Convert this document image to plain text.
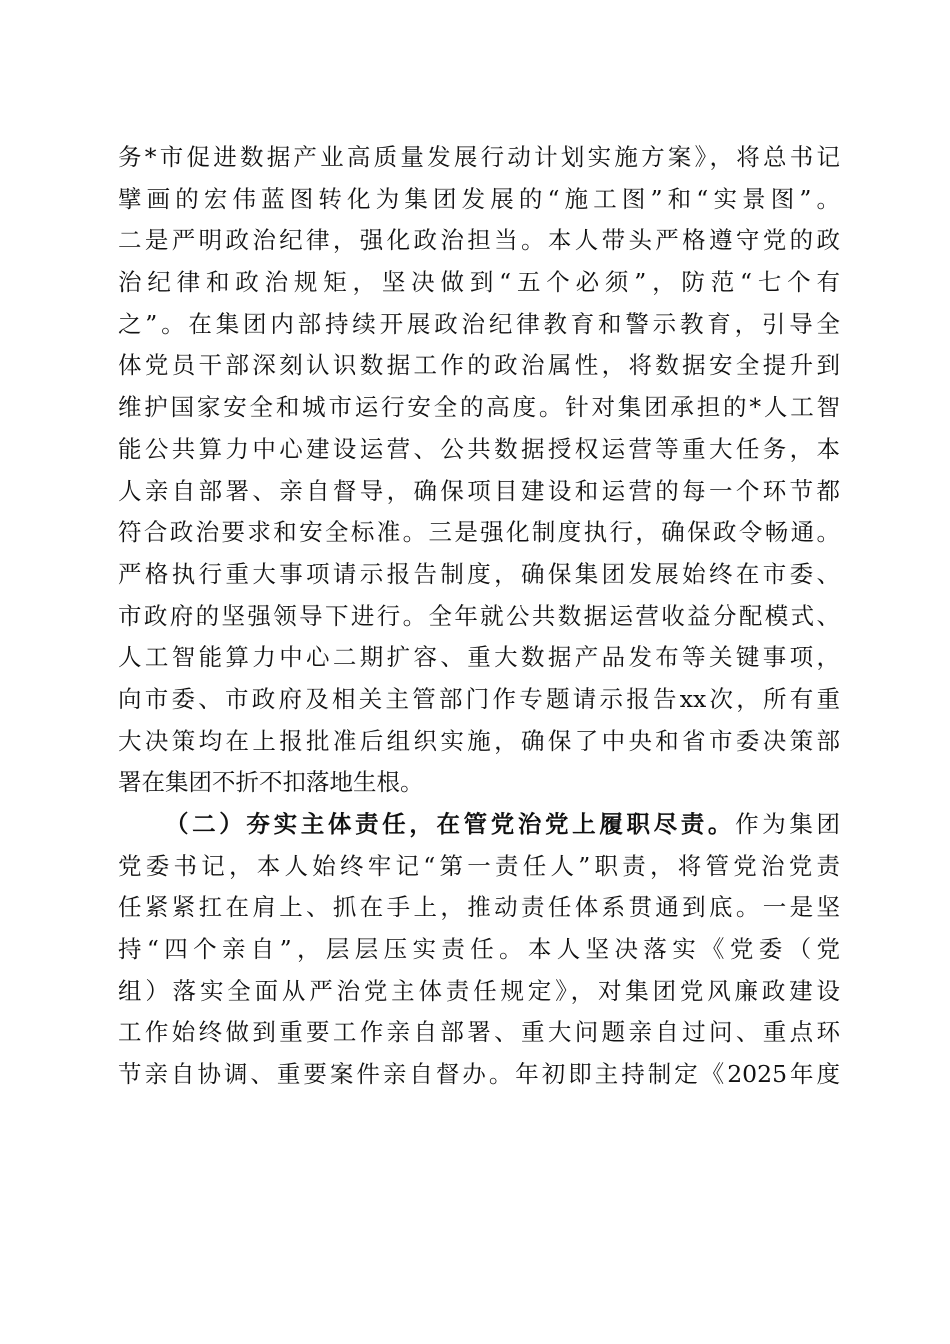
务*市促进数据产业高质量发展行动计划实施方案》，将总书记
擘画的宏伟蓝图转化为集团发展的“施工图”和“实景图”。
二是严明政治纪律，强化政治担当。本人带头严格遵守党的政
治纪律和政治规矩，坚决做到“五个必须”，防范“七个有
之”。在集团内部持续开展政治纪律教育和警示教育，引导全
体党员干部深刻认识数据工作的政治属性，将数据安全提升到
维护国家安全和城市运行安全的高度。针对集团承担的*人工智
能公共算力中心建设运营、公共数据授权运营等重大任务，本
人亲自部署、亲自督导，确保项目建设和运营的每一个环节都
符合政治要求和安全标准。三是强化制度执行，确保政令畅通。
严格执行重大事项请示报告制度，确保集团发展始终在市委、
市政府的坚强领导下进行。全年就公共数据运营收益分配模式、
人工智能算力中心二期扩容、重大数据产品发布等关键事项，
向市委、市政府及相关主管部门作专题请示报告xx次，所有重
大决策均在上报批准后组织实施，确保了中央和省市委决策部
署在集团不折不扣落地生根。
（二）夯实主体责任，在管党治党上履职尽责。作为集团
党委书记，本人始终牢记“第一责任人”职责，将管党治党责
任紧紧扛在肩上、抓在手上，推动责任体系贯通到底。一是坚
持“四个亲自”，层层压实责任。本人坚决落实《党委（党
组）落实全面从严治党主体责任规定》，对集团党风廉政建设
工作始终做到重要工作亲自部署、重大问题亲自过问、重点环
节亲自协调、重要案件亲自督办。年初即主持制定《2025年度
